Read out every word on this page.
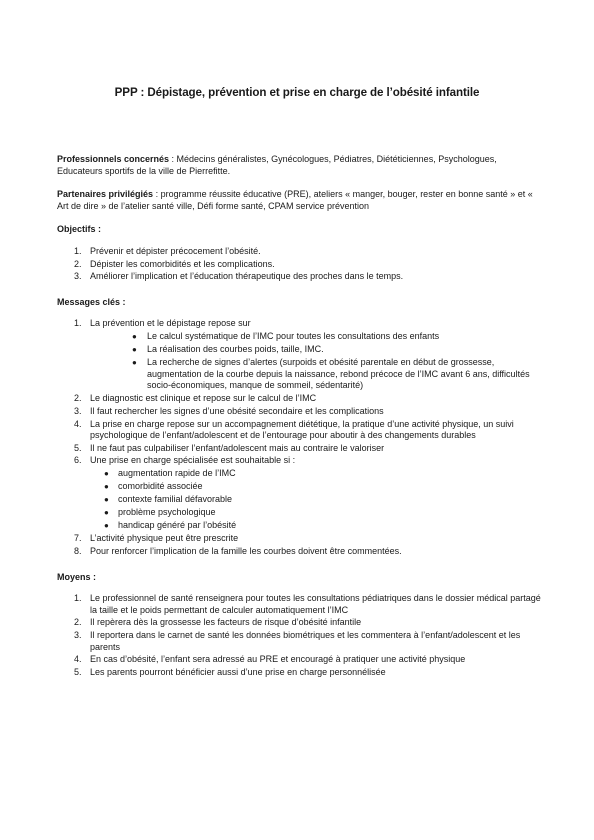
PPP : Dépistage, prévention et prise en charge de l’obésité infantile

Professionnels concernés : Médecins généralistes, Gynécologues, Pédiatres, Diététiciennes, Psychologues, Educateurs sportifs de la ville de Pierrefitte.

Partenaires privilégiés : programme réussite éducative (PRE), ateliers « manger, bouger, rester en bonne santé » et « Art de dire » de l’atelier santé ville, Défi forme santé, CPAM service prévention

Objectifs :
1. Prévenir et dépister précocement l’obésité.
2. Dépister les comorbidités et les complications.
3. Améliorer l’implication et l’éducation thérapeutique des proches dans le temps.
Messages clés :
1. La prévention et le dépistage repose sur
● Le calcul systématique de l’IMC pour toutes les consultations des enfants
● La réalisation des courbes poids, taille, IMC.
● La recherche de signes d’alertes (surpoids et obésité parentale en début de grossesse, augmentation de la courbe depuis la naissance, rebond précoce de l’IMC avant 6 ans, difficultés socio-économiques, manque de sommeil, sédentarité)
2. Le diagnostic est clinique et repose sur le calcul de l’IMC
3. Il faut rechercher les signes d’une obésité secondaire et les complications
4. La prise en charge repose sur un accompagnement diététique, la pratique d’une activité physique, un suivi psychologique de l’enfant/adolescent et de l’entourage pour aboutir à des changements durables
5. Il ne faut pas culpabiliser l’enfant/adolescent mais au contraire le valoriser
6. Une prise en charge spécialisée est souhaitable si :
● augmentation rapide de l’IMC
● comorbidité associée
● contexte familial défavorable
● problème psychologique
● handicap généré par l’obésité
7. L’activité physique peut être prescrite
8. Pour renforcer l’implication de la famille les courbes doivent être commentées.
Moyens :
1. Le professionnel de santé renseignera pour toutes les consultations pédiatriques dans le dossier médical partagé la taille et le poids permettant de calculer automatiquement l’IMC
2. Il repèrera dès la grossesse les facteurs de risque d’obésité infantile
3. Il reportera dans le carnet de santé les données biométriques et les commentera à l’enfant/adolescent et les parents
4. En cas d’obésité, l’enfant sera adressé au PRE et encouragé à pratiquer une activité physique
5. Les parents pourront bénéficier aussi d’une prise en charge personnélisée
